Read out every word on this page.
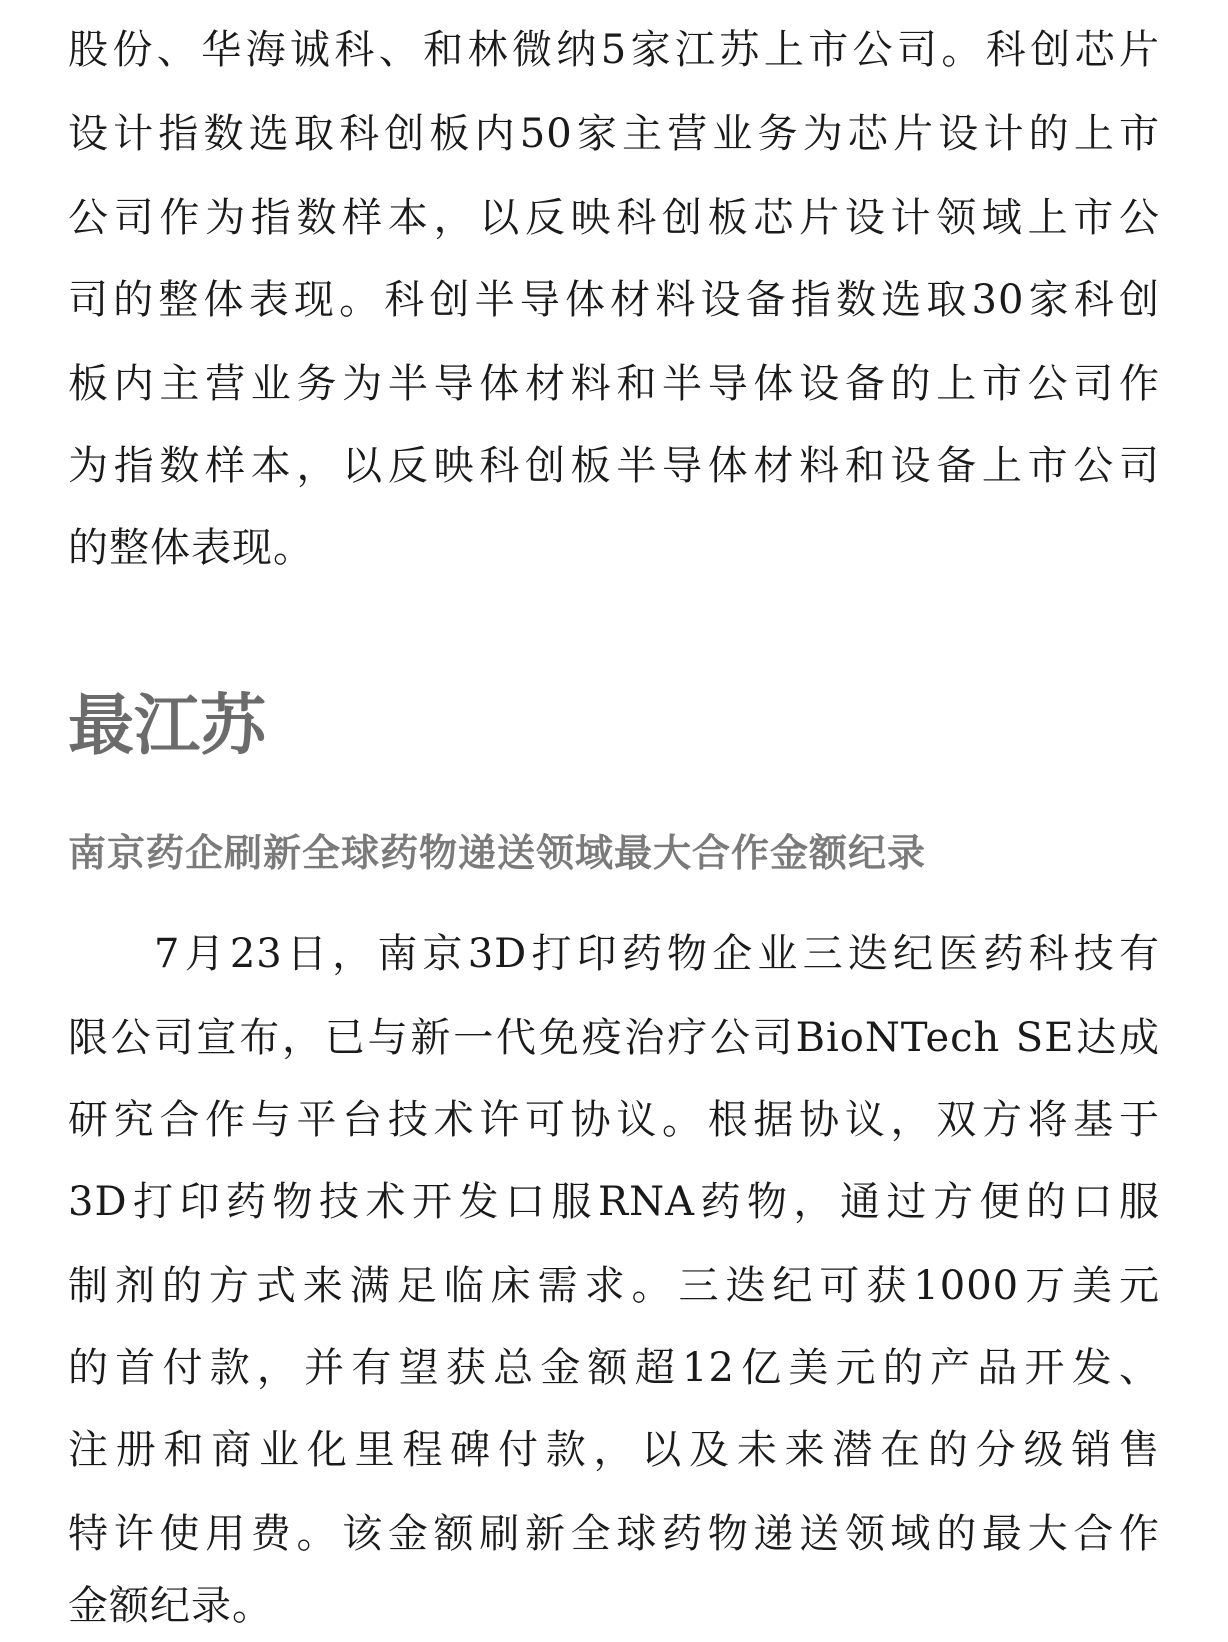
股份、华海诚科、和林微纳5家江苏上市公司。科创芯片
设计指数选取科创板内50家主营业务为芯片设计的上市
公司作为指数样本，以反映科创板芯片设计领域上市公
司的整体表现。科创半导体材料设备指数选取30家科创
板内主营业务为半导体材料和半导体设备的上市公司作
为指数样本，以反映科创板半导体材料和设备上市公司
的整体表现。
最江苏
南京药企刷新全球药物递送领域最大合作金额纪录
7月23日，南京3D打印药物企业三迭纪医药科技有
限公司宣布，已与新一代免疫治疗公司BioNTech SE达成
研究合作与平台技术许可协议。根据协议，双方将基于
3D打印药物技术开发口服RNA药物，通过方便的口服
制剂的方式来满足临床需求。三迭纪可获1000万美元
的首付款，并有望获总金额超12亿美元的产品开发、
注册和商业化里程碑付款，以及未来潜在的分级销售
特许使用费。该金额刷新全球药物递送领域的最大合作
金额纪录。
